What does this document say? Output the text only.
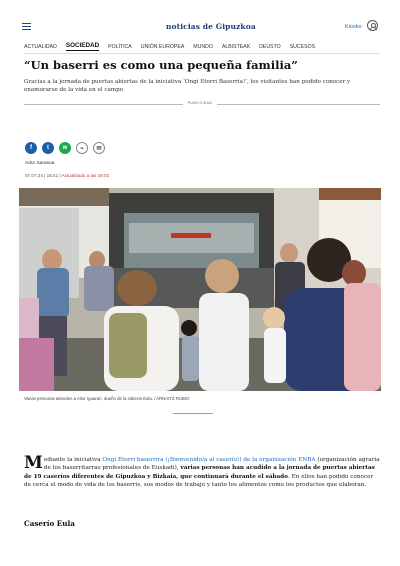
noticias de Gipuzkoa	Kiosko
ACTUALIDAD SOCIEDAD POLÍTICA UNIÓN EUROPEA MUNDO ALBISTEAK DEUSTO SUCESOS
“Un baserri es como una pequeña familia”

Gracias a la jornada de puertas abiertas de la iniciativa ‘Ongi Etorri Baserria!’, los visitantes han podido conocer y enamorarse de la vida en el campo

PUBLICIDAD
f	t	w	⌁	✉
Adur Sarasua
07.07.24 | 16:41 | Actualizado a las 19:02
Varias personas atienden a Aitor Iguaran, dueño de la sidrería Eula. / ARNAITZ RUBIO
Mediante la iniciativa Ongi Etorri baserrira (¡Bienvenido/a al caserío!) de la organización ENBA (organización agraria de los baserritarras profesionales de Euskadi), varias personas han acudido a la jornada de puertas abiertas de 19 caseríos diferentes de Gipuzkoa y Bizkaia, que continuará durante el sábado. En ellos han podido conocer de cerca el modo de vida de los baserris, sus modos de trabajo y tanto los alimentos como los productos que elaboran.
Caserío Eula
